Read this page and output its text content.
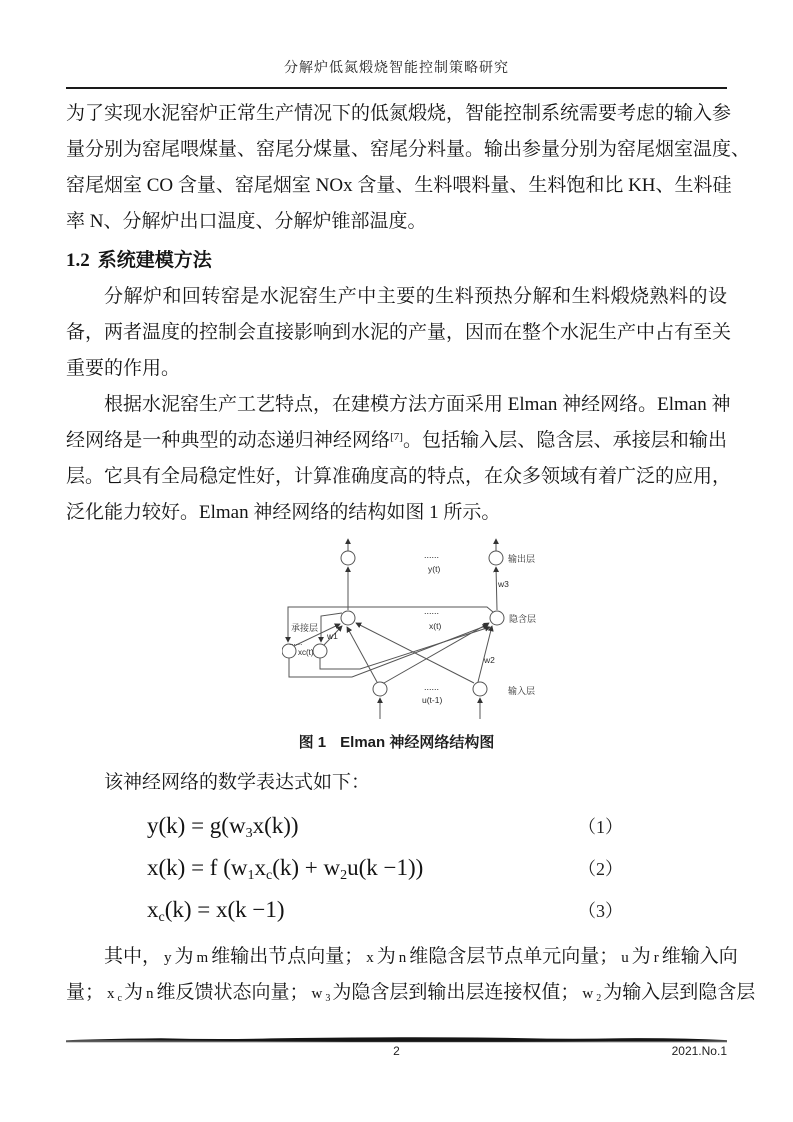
分解炉低氮煅烧智能控制策略研究
为了实现水泥窑炉正常生产情况下的低氮煅烧，智能控制系统需要考虑的输入参
量分别为窑尾喂煤量、窑尾分煤量、窑尾分料量。输出参量分别为窑尾烟室温度、
窑尾烟室 CO 含量、窑尾烟室 NOx 含量、生料喂料量、生料饱和比 KH、生料硅
率 N、分解炉出口温度、分解炉锥部温度。
1.2 系统建模方法
分解炉和回转窑是水泥窑生产中主要的生料预热分解和生料煅烧熟料的设
备，两者温度的控制会直接影响到水泥的产量，因而在整个水泥生产中占有至关
重要的作用。
根据水泥窑生产工艺特点，在建模方法方面采用 Elman 神经网络。Elman 神
经网络是一种典型的动态递归神经网络[7]。包括输入层、隐含层、承接层和输出
层。它具有全局稳定性好，计算准确度高的特点，在众多领域有着广泛的应用，
泛化能力较好。Elman 神经网络的结构如图 1 所示。
......
y(t)
输出层
w3
......
x(t)
隐含层
承接层
......
xc(t)
w1
w2
......
u(t-1)
输入层
图 1 Elman 神经网络结构图
该神经网络的数学表达式如下：
$y(k) = g(w_3x(k))$	（1）
x(k) = f $(w_1x_c(k) + w_2u(k -1))$	（2）
$x_c(k) = x(k -1)$	（3）
其中， y 为 m 维输出节点向量； x 为 n 维隐含层节点单元向量； u 为 r 维输入向
量； x c 为 n 维反馈状态向量； w 3 为隐含层到输出层连接权值； w 2 为输入层到隐含层
2	2021.No.1
